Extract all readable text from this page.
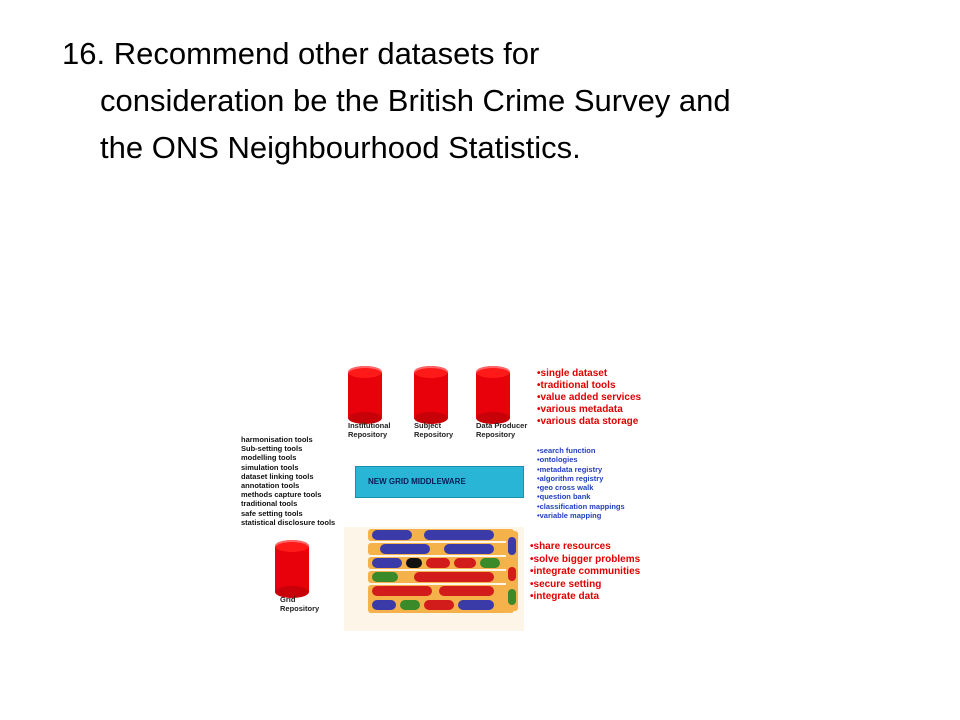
16. Recommend other datasets for
consideration be the British Crime Survey and
the ONS Neighbourhood Statistics.
Institutional
Repository
Subject
Repository
Data Producer
Repository
•single dataset
•traditional tools
•value added services
•various metadata
•various data storage
harmonisation tools
Sub-setting tools
modelling tools
simulation tools
dataset linking tools
annotation tools
methods capture tools
traditional tools
safe setting tools
statistical disclosure tools
NEW GRID MIDDLEWARE
•search function
•ontologies
•metadata registry
•algorithm registry
•geo cross walk
•question bank
•classification mappings
•variable mapping
Grid
Repository
•share resources
•solve bigger problems
•integrate communities
•secure setting
•integrate data
